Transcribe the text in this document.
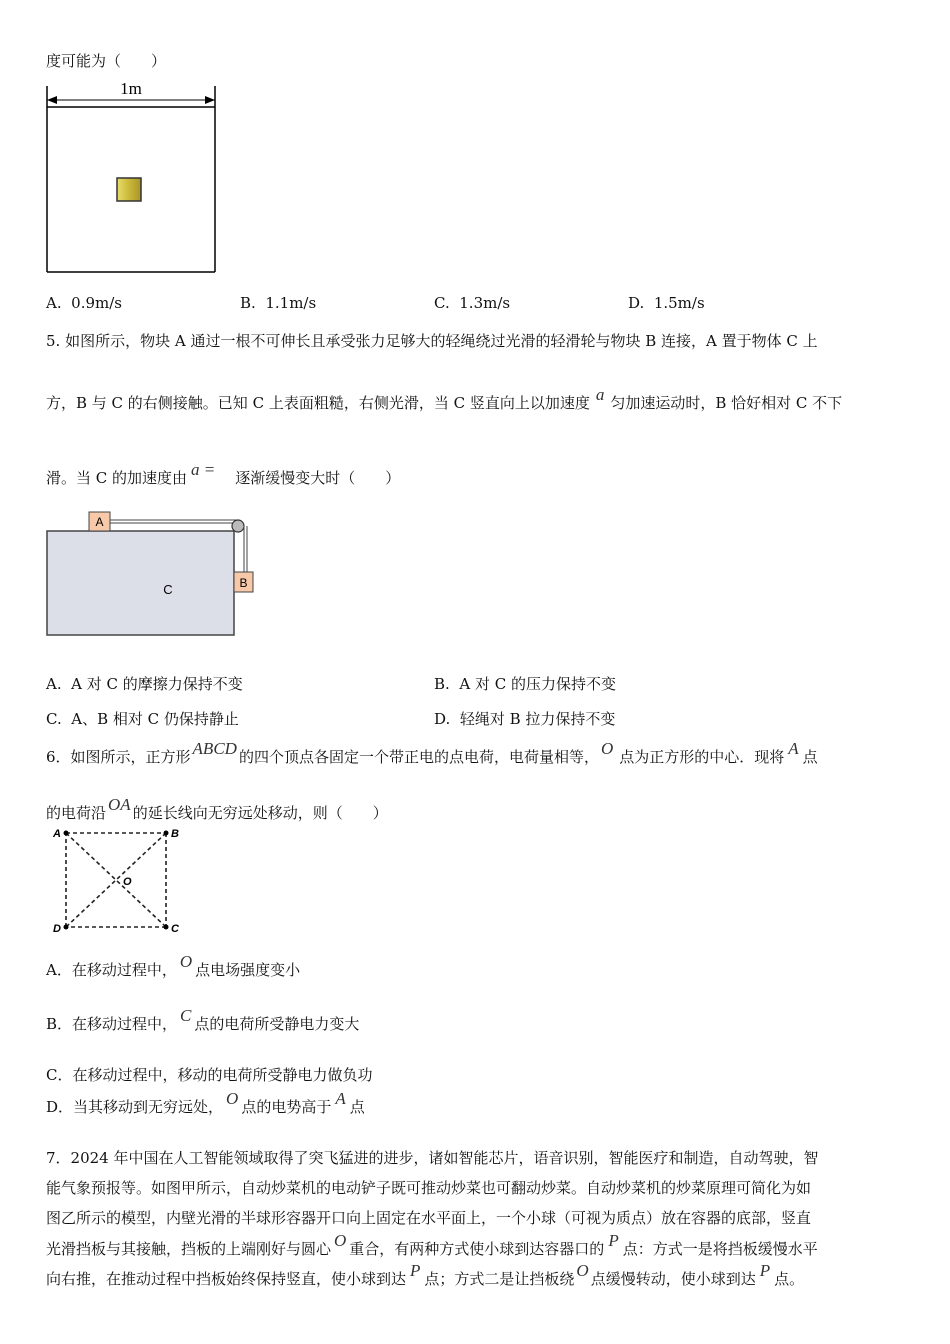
度可能为（　　）
1m
A. 0.9m/s	B. 1.1m/s	C. 1.3m/s	D. 1.5m/s
5. 如图所示，物块 A 通过一根不可伸长且承受张力足够大的轻绳绕过光滑的轻滑轮与物块 B 连接，A 置于物体 C 上
方，B 与 C 的右侧接触。已知 C 上表面粗糙，右侧光滑，当 C 竖直向上以加速度 a 匀加速运动时，B 恰好相对 C 不下
滑。当 C 的加速度由 a = 逐渐缓慢变大时（　　）
C
A
B
A. A 对 C 的摩擦力保持不变	B. A 对 C 的压力保持不变
C. A、B 相对 C 仍保持静止	D. 轻绳对 B 拉力保持不变
6．如图所示，正方形 ABCD 的四个顶点各固定一个带正电的点电荷，电荷量相等， O 点为正方形的中心．现将 A 点
的电荷沿 OA 的延长线向无穷远处移动，则（　　）
A	B
C
D
O
A．在移动过程中， O 点电场强度变小
B．在移动过程中， C 点的电荷所受静电力变大
C．在移动过程中，移动的电荷所受静电力做负功
D．当其移动到无穷远处， O 点的电势高于 A 点
7．2024 年中国在人工智能领域取得了突飞猛进的进步，诸如智能芯片，语音识别，智能医疗和制造，自动驾驶，智
能气象预报等。如图甲所示，自动炒菜机的电动铲子既可推动炒菜也可翻动炒菜。自动炒菜机的炒菜原理可简化为如
图乙所示的模型，内壁光滑的半球形容器开口向上固定在水平面上，一个小球（可视为质点）放在容器的底部，竖直
光滑挡板与其接触，挡板的上端刚好与圆心 O 重合，有两种方式使小球到达容器口的 P 点：方式一是将挡板缓慢水平
向右推，在推动过程中挡板始终保持竖直，使小球到达 P 点；方式二是让挡板绕 O 点缓慢转动，使小球到达 P 点。
